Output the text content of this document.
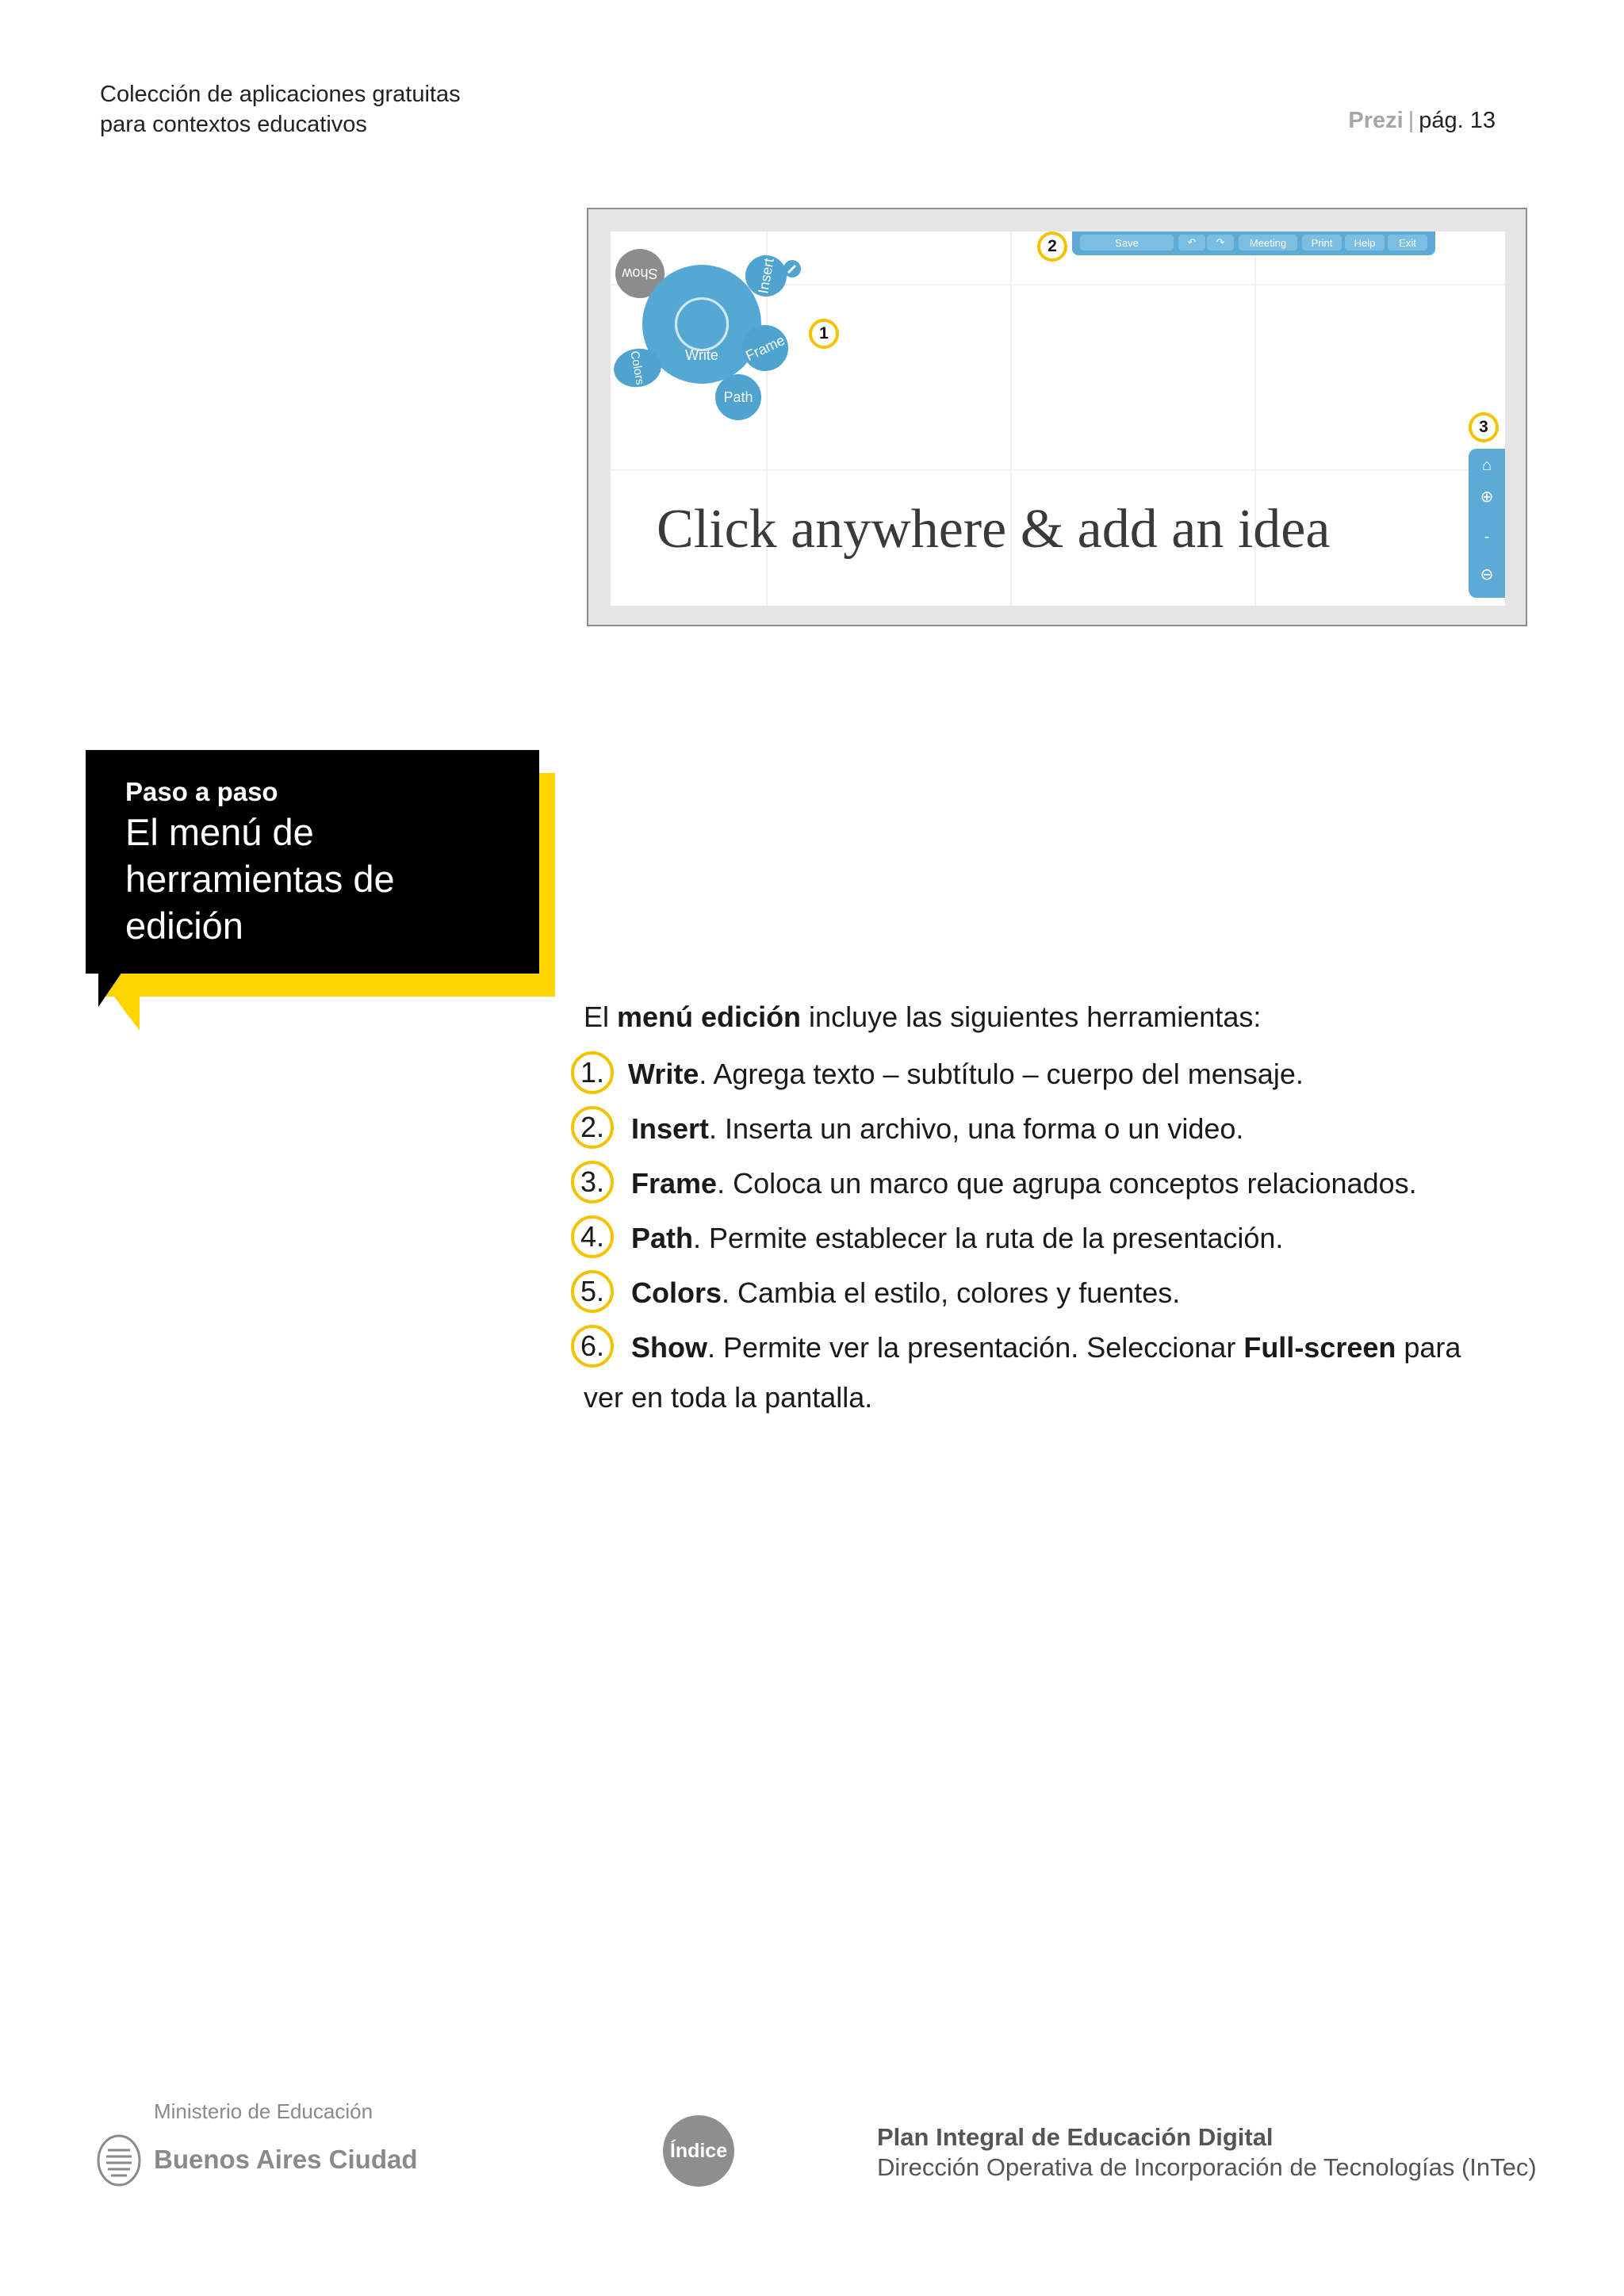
Colección de aplicaciones gratuitas
para contextos educativos	Prezi | pág. 13
Show
Write
Insert
Frame
Path
Colors
Click anywhere & add an idea
Save	↶	↷	Meeting	Print	Help	Exit
⌂
⊕
-
⊖
1
2
3
Paso a paso
El menú de herramientas de edición
El menú edición incluye las siguientes herramientas:
1. Write. Agrega texto – subtítulo – cuerpo del mensaje.
2. Insert. Inserta un archivo, una forma o un video.
3. Frame. Coloca un marco que agrupa conceptos relacionados.
4. Path. Permite establecer la ruta de la presentación.
5. Colors. Cambia el estilo, colores y fuentes.
6. Show. Permite ver la presentación. Seleccionar Full-screen para
ver en toda la pantalla.
Ministerio de Educación
Buenos Aires Ciudad	Índice	Plan Integral de Educación Digital
Dirección Operativa de Incorporación de Tecnologías (InTec)
